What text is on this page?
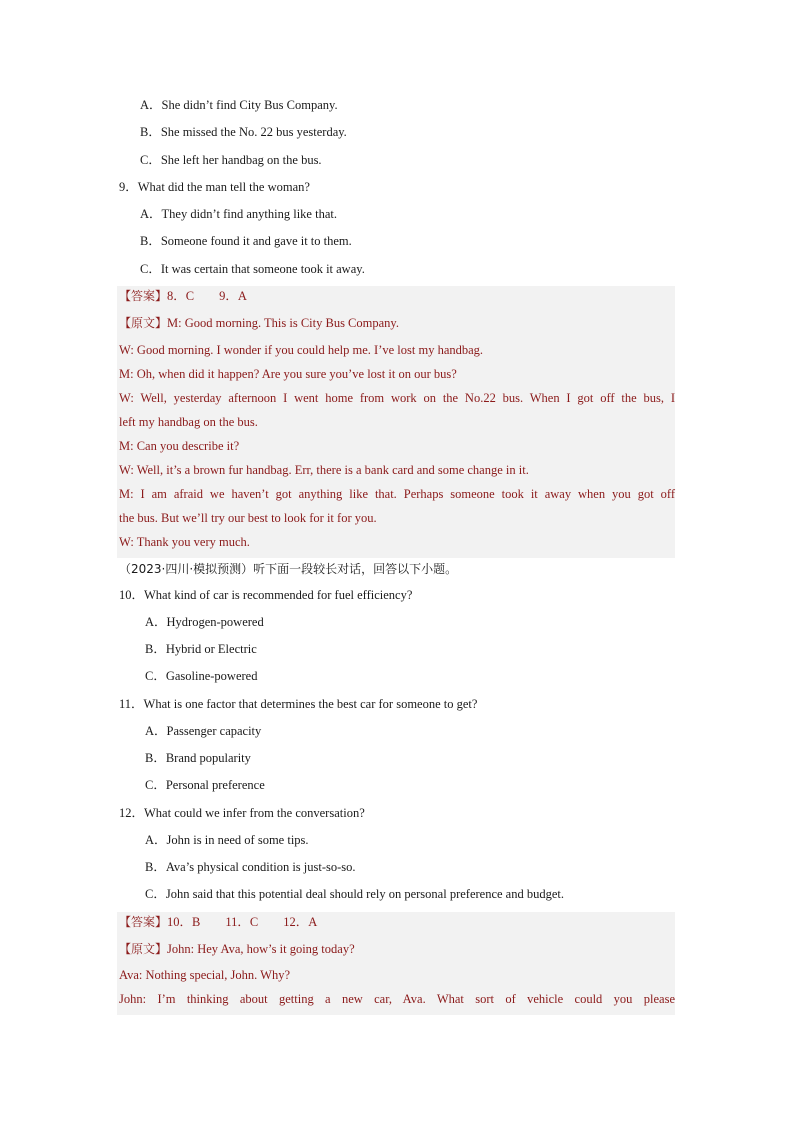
A．She didn’t find City Bus Company.
B．She missed the No. 22 bus yesterday.
C．She left her handbag on the bus.
9．What did the man tell the woman?
A．They didn’t find anything like that.
B．Someone found it and gave it to them.
C．It was certain that someone took it away.
【答案】8．C　　9．A
【原文】M: Good morning. This is City Bus Company.
W: Good morning. I wonder if you could help me. I’ve lost my handbag.
M: Oh, when did it happen? Are you sure you’ve lost it on our bus?
W: Well, yesterday afternoon I went home from work on the No.22 bus. When I got off the bus, I
left my handbag on the bus.
M: Can you describe it?
W: Well, it’s a brown fur handbag. Err, there is a bank card and some change in it.
M: I am afraid we haven’t got anything like that. Perhaps someone took it away when you got off
the bus. But we’ll try our best to look for it for you.
W: Thank you very much.
（2023·四川·模拟预测）听下面一段较长对话，回答以下小题。
10．What kind of car is recommended for fuel efficiency?
A．Hydrogen-powered
B．Hybrid or Electric
C．Gasoline-powered
11．What is one factor that determines the best car for someone to get?
A．Passenger capacity
B．Brand popularity
C．Personal preference
12．What could we infer from the conversation?
A．John is in need of some tips.
B．Ava’s physical condition is just-so-so.
C．John said that this potential deal should rely on personal preference and budget.
【答案】10．B　　11．C　　12．A
【原文】John: Hey Ava, how’s it going today?
Ava: Nothing special, John. Why?
John: I’m thinking about getting a new car, Ava. What sort of vehicle could you please
